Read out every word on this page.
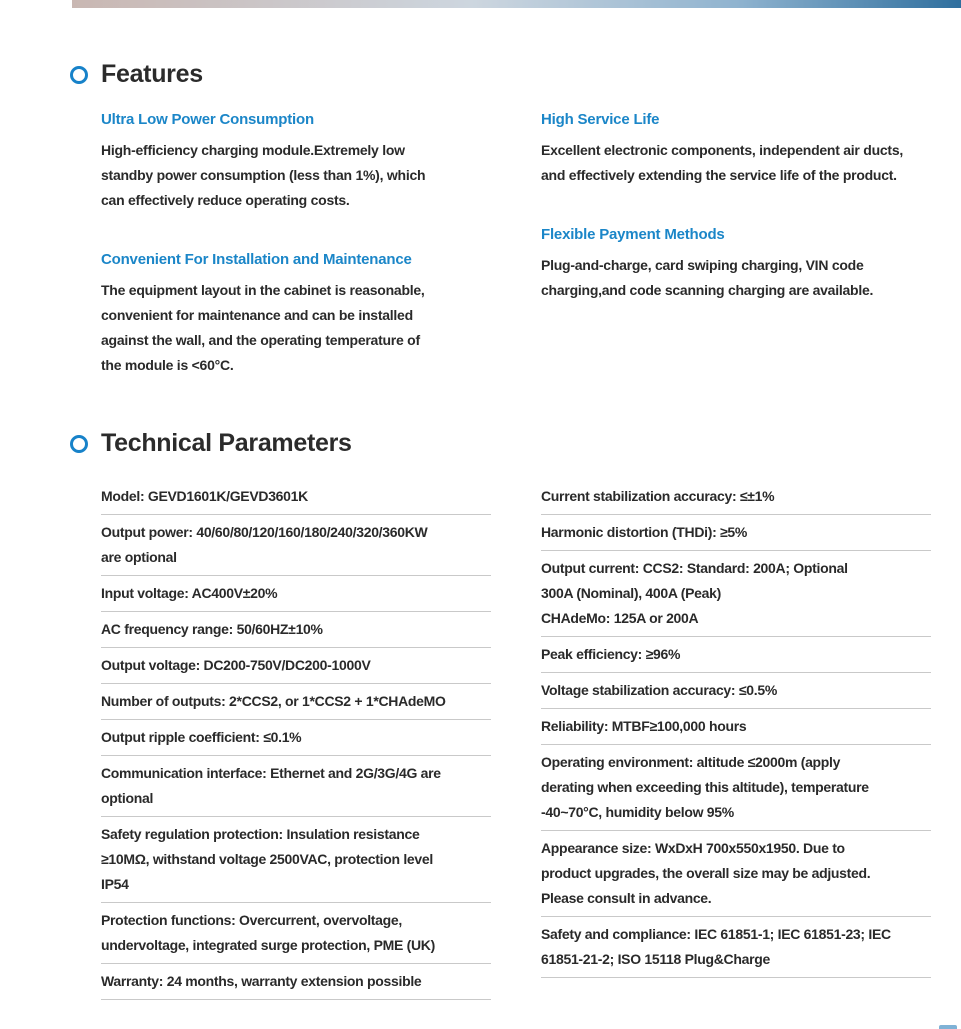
Features
Ultra Low Power Consumption
High-efficiency charging module.Extremely low
standby power consumption (less than 1%), which
can effectively reduce operating costs.
Convenient For Installation and Maintenance
The equipment layout in the cabinet is reasonable,
convenient for maintenance and can be installed
against the wall, and the operating temperature of
the module is <60°C.
High Service Life
Excellent electronic components, independent air ducts,
and effectively extending the service life of the product.
Flexible Payment Methods
Plug-and-charge, card swiping charging, VIN code
charging,and code scanning charging are available.
Technical Parameters
Model: GEVD1601K/GEVD3601K
Output power: 40/60/80/120/160/180/240/320/360KW
are optional
Input voltage: AC400V±20%
AC frequency range: 50/60HZ±10%
Output voltage: DC200-750V/DC200-1000V
Number of outputs: 2*CCS2, or 1*CCS2 + 1*CHAdeMO
Output ripple coefficient: ≤0.1%
Communication interface: Ethernet and 2G/3G/4G are
optional
Safety regulation protection: Insulation resistance
≥10MΩ, withstand voltage 2500VAC, protection level
IP54
Protection functions: Overcurrent, overvoltage,
undervoltage, integrated surge protection, PME (UK)
Warranty: 24 months, warranty extension possible
Current stabilization accuracy: ≤±1%
Harmonic distortion (THDi): ≥5%
Output current: CCS2: Standard: 200A; Optional
300A (Nominal), 400A (Peak)
CHAdeMo: 125A or 200A
Peak efficiency: ≥96%
Voltage stabilization accuracy: ≤0.5%
Reliability: MTBF≥100,000 hours
Operating environment: altitude ≤2000m (apply
derating when exceeding this altitude), temperature
-40~70°C, humidity below 95%
Appearance size: WxDxH 700x550x1950. Due to
product upgrades, the overall size may be adjusted.
Please consult in advance.
Safety and compliance: IEC 61851-1; IEC 61851-23; IEC
61851-21-2; ISO 15118 Plug&Charge
